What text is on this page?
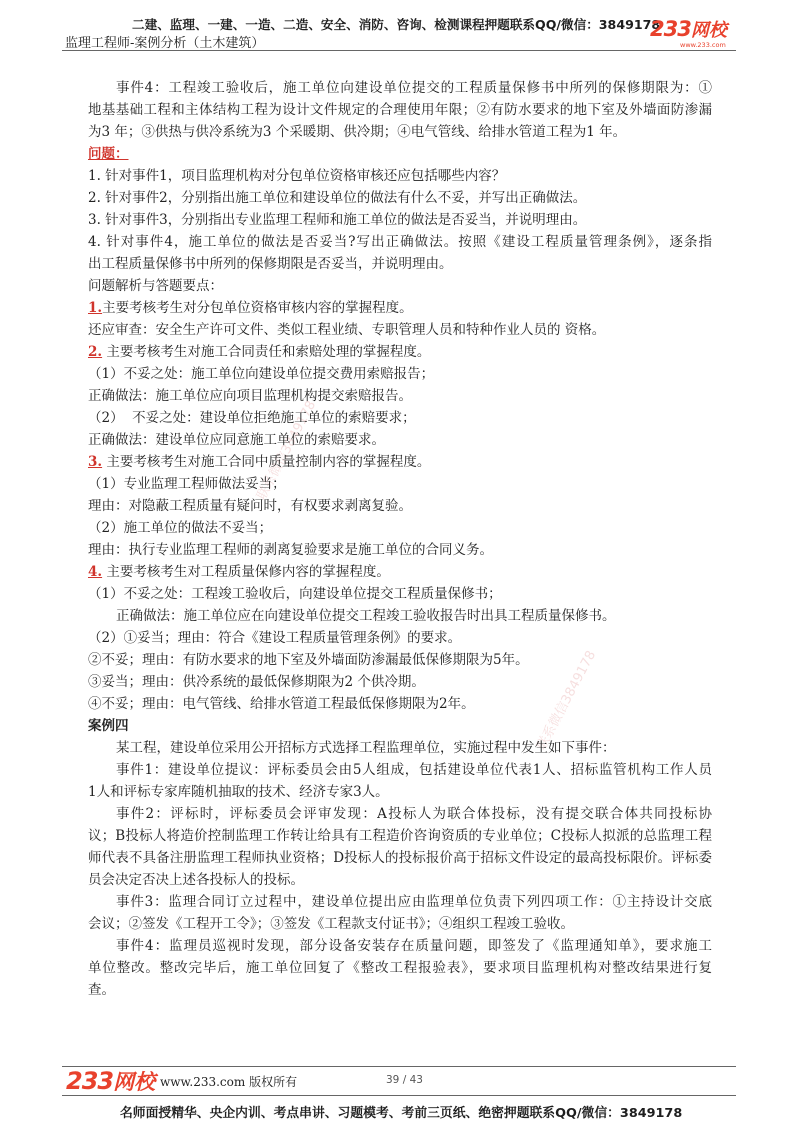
二建、监理、一建、一造、二造、安全、消防、咨询、检测课程押题联系QQ/微信：3849178
监理工程师-案例分析（土木建筑）
233网校
www.233.com
联系微信3849178
联系微信3849178
事件4：工程竣工验收后，施工单位向建设单位提交的工程质量保修书中所列的保修期限为：①
地基基础工程和主体结构工程为设计文件规定的合理使用年限；②有防水要求的地下室及外墙面防渗漏
为3 年；③供热与供冷系统为3 个采暖期、供冷期；④电气管线、给排水管道工程为1 年。
问题：
1. 针对事件1，项目监理机构对分包单位资格审核还应包括哪些内容？
2. 针对事件2，分别指出施工单位和建设单位的做法有什么不妥，并写出正确做法。
3. 针对事件3，分别指出专业监理工程师和施工单位的做法是否妥当，并说明理由。
4. 针对事件4，施工单位的做法是否妥当?写出正确做法。按照《建设工程质量管理条例》，逐条指
出工程质量保修书中所列的保修期限是否妥当，并说明理由。
问题解析与答题要点：
1.主要考核考生对分包单位资格审核内容的掌握程度。
还应审查：安全生产许可文件、类似工程业绩、专职管理人员和特种作业人员的 资格。
2. 主要考核考生对施工合同责任和索赔处理的掌握程度。
（1）不妥之处：施工单位向建设单位提交费用索赔报告；
正确做法：施工单位应向项目监理机构提交索赔报告。
（2）  不妥之处：建设单位拒绝施工单位的索赔要求；
正确做法：建设单位应同意施工单位的索赔要求。
3. 主要考核考生对施工合同中质量控制内容的掌握程度。
（1）专业监理工程师做法妥当；
理由：对隐蔽工程质量有疑问时，有权要求剥离复验。
（2）施工单位的做法不妥当；
理由：执行专业监理工程师的剥离复验要求是施工单位的合同义务。
4. 主要考核考生对工程质量保修内容的掌握程度。
（1）不妥之处：工程竣工验收后，向建设单位提交工程质量保修书；
正确做法：施工单位应在向建设单位提交工程竣工验收报告时出具工程质量保修书。
（2）①妥当；理由：符合《建设工程质量管理条例》的要求。
②不妥；理由：有防水要求的地下室及外墙面防渗漏最低保修期限为5年。
③妥当；理由：供冷系统的最低保修期限为2 个供冷期。
④不妥；理由：电气管线、给排水管道工程最低保修期限为2年。
案例四
某工程，建设单位采用公开招标方式选择工程监理单位，实施过程中发生如下事件：
事件1：建设单位提议：评标委员会由5人组成，包括建设单位代表1人、招标监管机构工作人员
1人和评标专家库随机抽取的技术、经济专家3人。
事件2：评标时，评标委员会评审发现：A投标人为联合体投标，没有提交联合体共同投标协
议；B投标人将造价控制监理工作转让给具有工程造价咨询资质的专业单位；C投标人拟派的总监理工程
师代表不具备注册监理工程师执业资格；D投标人的投标报价高于招标文件设定的最高投标限价。评标委
员会决定否决上述各投标人的投标。
事件3：监理合同订立过程中，建设单位提出应由监理单位负责下列四项工作：①主持设计交底
会议；②签发《工程开工令》；③签发《工程款支付证书》；④组织工程竣工验收。
事件4：监理员巡视时发现，部分设备安装存在质量问题，即签发了《监理通知单》，要求施工
单位整改。整改完毕后，施工单位回复了《整改工程报验表》，要求项目监理机构对整改结果进行复
查。
233网校 www.233.com 版权所有	39 / 43
名师面授精华、央企内训、考点串讲、习题模考、考前三页纸、绝密押题联系QQ/微信：3849178
